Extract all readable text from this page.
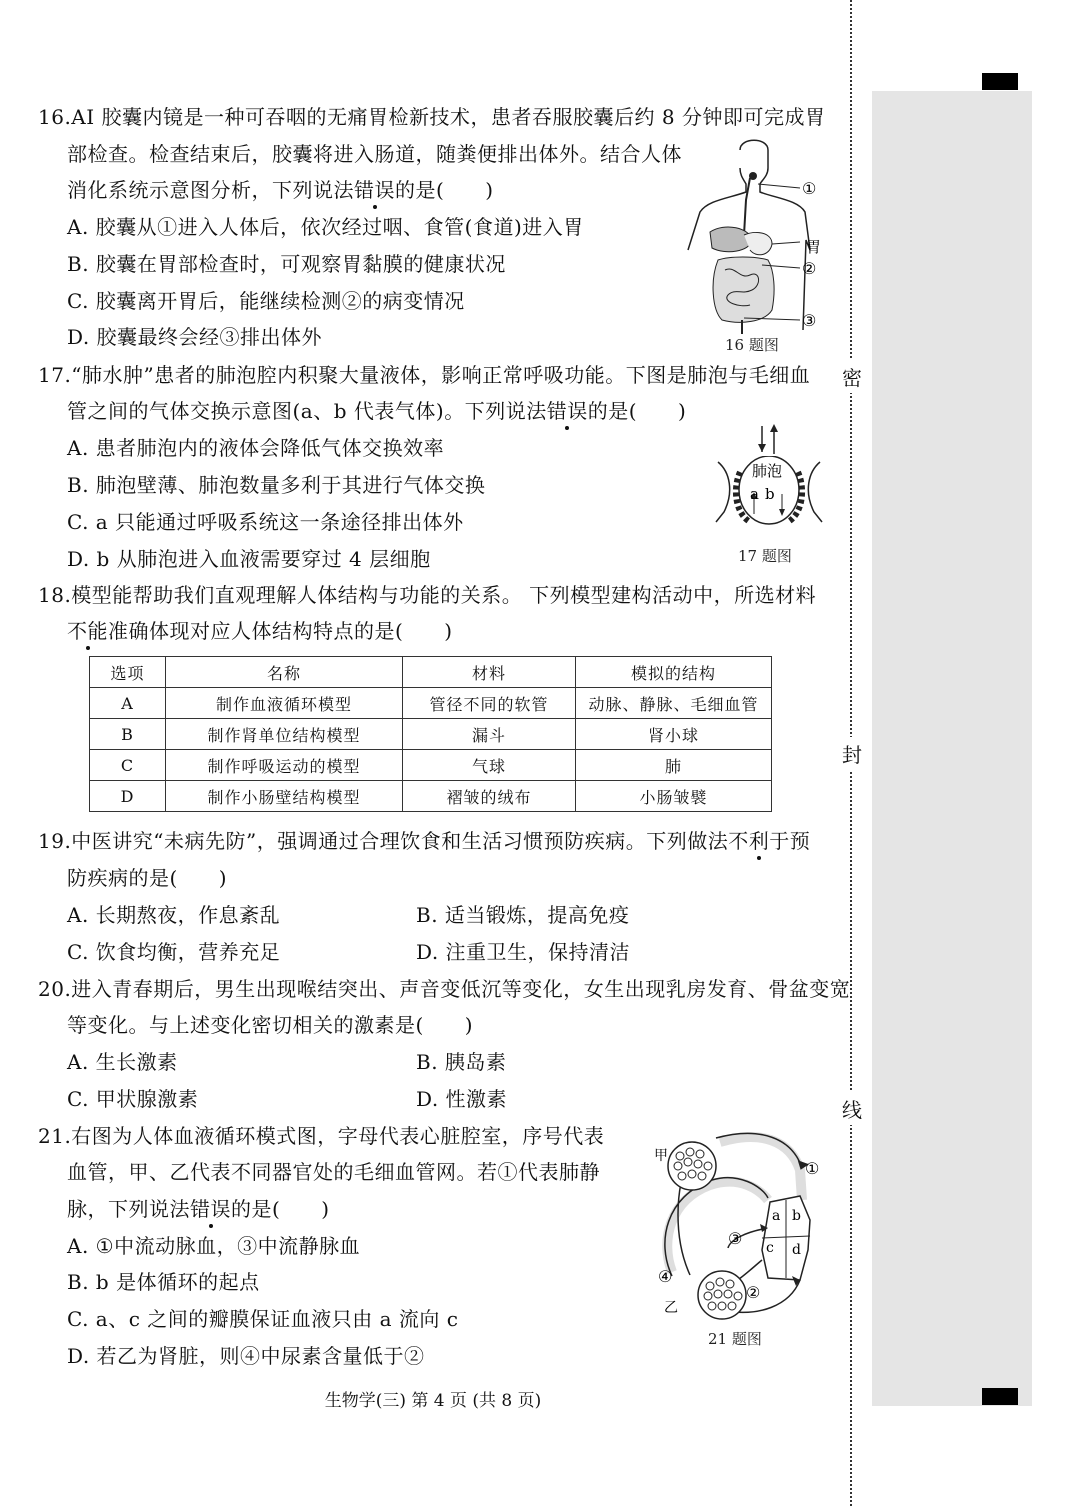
密
封
线
16.AI 胶囊内镜是一种可吞咽的无痛胃检新技术，患者吞服胶囊后约 8 分钟即可完成胃
部检查。检查结束后，胶囊将进入肠道，随粪便排出体外。结合人体
消化系统示意图分析，下列说法错误的是(　　)
A. 胶囊从①进入人体后，依次经过咽、食管(食道)进入胃
B. 胶囊在胃部检查时，可观察胃黏膜的健康状况
C. 胶囊离开胃后，能继续检测②的病变情况
D. 胶囊最终会经③排出体外
①
胃
②
③
16 题图
17.“肺水肿”患者的肺泡腔内积聚大量液体，影响正常呼吸功能。下图是肺泡与毛细血
管之间的气体交换示意图(a、b 代表气体)。下列说法错误的是(　　)
A. 患者肺泡内的液体会降低气体交换效率
B. 肺泡壁薄、肺泡数量多利于其进行气体交换
C. a 只能通过呼吸系统这一条途径排出体外
D. b 从肺泡进入血液需要穿过 4 层细胞
肺泡
a b
17 题图
18.模型能帮助我们直观理解人体结构与功能的关系。 下列模型建构活动中，所选材料
不能准确体现对应人体结构特点的是(　　)
选项	名称	材料	模拟的结构
A	制作血液循环模型	管径不同的软管	动脉、静脉、毛细血管
B	制作肾单位结构模型	漏斗	肾小球
C	制作呼吸运动的模型	气球	肺
D	制作小肠壁结构模型	褶皱的绒布	小肠皱襞
19.中医讲究“未病先防”，强调通过合理饮食和生活习惯预防疾病。下列做法不利于预
防疾病的是(　　)
A. 长期熬夜，作息紊乱	B. 适当锻炼，提高免疫
C. 饮食均衡，营养充足	D. 注重卫生，保持清洁
20.进入青春期后，男生出现喉结突出、声音变低沉等变化，女生出现乳房发育、骨盆变宽
等变化。与上述变化密切相关的激素是(　　)
A. 生长激素	B. 胰岛素
C. 甲状腺激素	D. 性激素
21.右图为人体血液循环模式图，字母代表心脏腔室，序号代表
血管，甲、乙代表不同器官处的毛细血管网。若①代表肺静
脉，下列说法错误的是(　　)
A. ①中流动脉血，③中流静脉血
B. b 是体循环的起点
C. a、c 之间的瓣膜保证血液只由 a 流向 c
D. 若乙为肾脏，则④中尿素含量低于②
甲
乙
①
②
③
④
a b
c d
21 题图
生物学(三) 第 4 页 (共 8 页)
